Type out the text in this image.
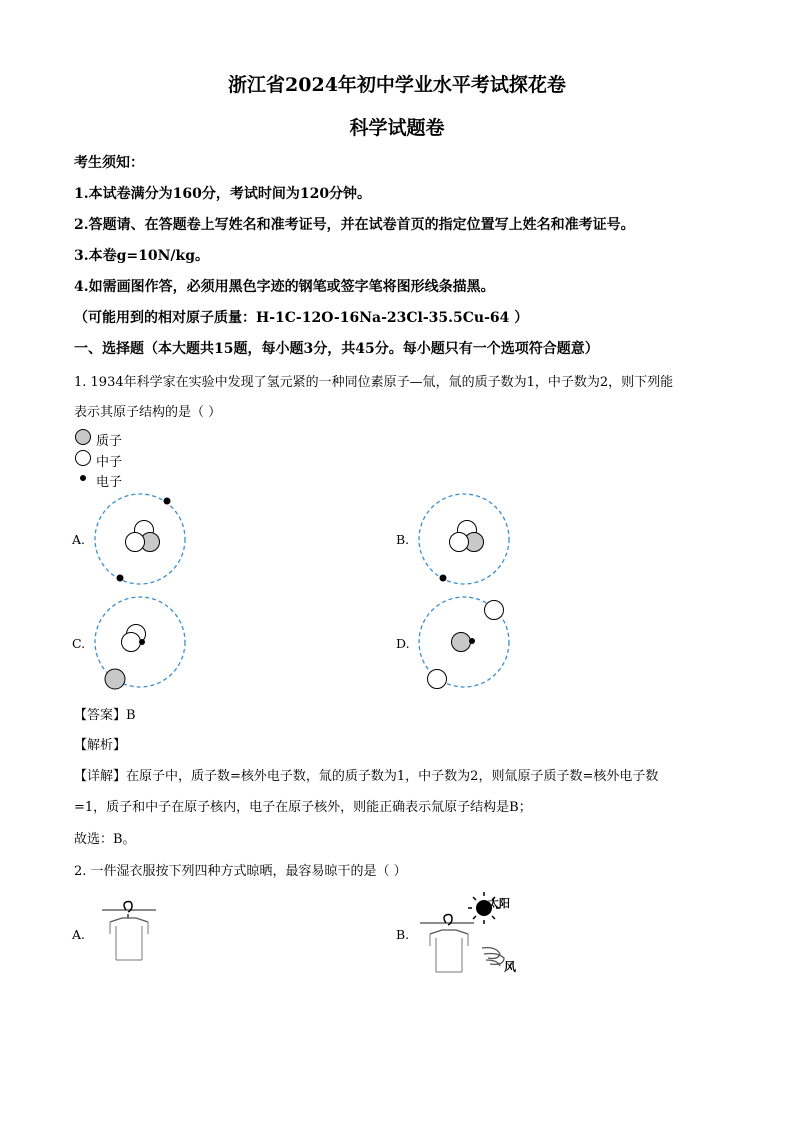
浙江省2024年初中学业水平考试探花卷
科学试题卷
考生须知：
1.本试卷满分为160分，考试时间为120分钟。
2.答题请、在答题卷上写姓名和准考证号，并在试卷首页的指定位置写上姓名和准考证号。
3.本卷g=10N/kg。
4.如需画图作答，必须用黑色字迹的钢笔或签字笔将图形线条描黑。
（可能用到的相对原子质量：H-1C-12O-16Na-23Cl-35.5Cu-64 ）
一、选择题（本大题共15题，每小题3分，共45分。每小题只有一个选项符合题意）
1. 1934年科学家在实验中发现了氢元紧的一种同位素原子—氚，氚的质子数为1，中子数为2，则下列能
表示其原子结构的是（ ）
质子
中子
电子
A.	B.
C.	D.
【答案】B
【解析】
【详解】在原子中，质子数=核外电子数，氚的质子数为1，中子数为2，则氚原子质子数=核外电子数
=1，质子和中子在原子核内，电子在原子核外，则能正确表示氚原子结构是B；
故选：B。
2. 一件湿衣服按下列四种方式晾晒，最容易晾干的是（ ）
A.	B.
太阳
风
